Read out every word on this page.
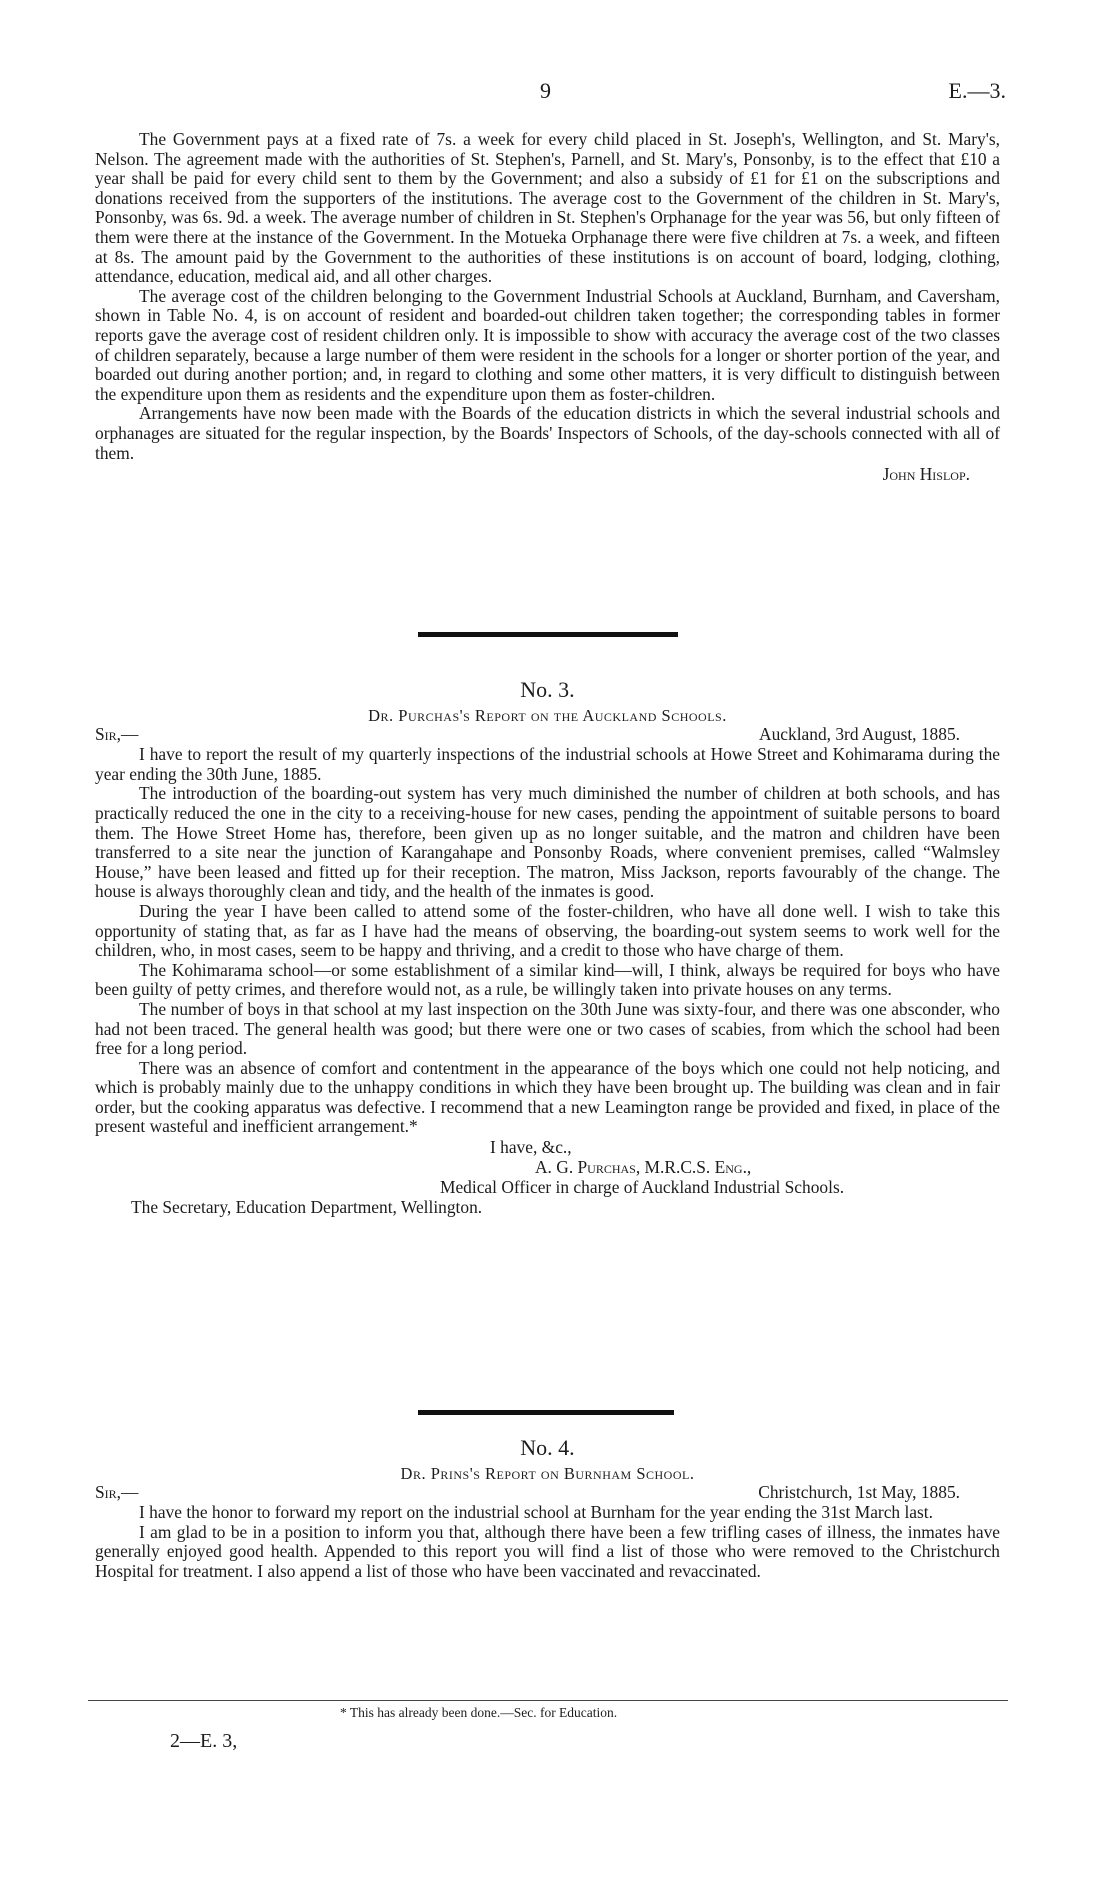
9	E.—3.

The Government pays at a fixed rate of 7s. a week for every child placed in St. Joseph's, Wellington, and St. Mary's, Nelson. The agreement made with the authorities of St. Stephen's, Parnell, and St. Mary's, Ponsonby, is to the effect that £10 a year shall be paid for every child sent to them by the Government; and also a subsidy of £1 for £1 on the subscriptions and donations received from the supporters of the institutions. The average cost to the Government of the children in St. Mary's, Ponsonby, was 6s. 9d. a week. The average number of children in St. Stephen's Orphanage for the year was 56, but only fifteen of them were there at the instance of the Government. In the Motueka Orphanage there were five children at 7s. a week, and fifteen at 8s. The amount paid by the Government to the authorities of these institutions is on account of board, lodging, clothing, attendance, education, medical aid, and all other charges.

The average cost of the children belonging to the Government Industrial Schools at Auckland, Burnham, and Caversham, shown in Table No. 4, is on account of resident and boarded-out children taken together; the corresponding tables in former reports gave the average cost of resident children only. It is impossible to show with accuracy the average cost of the two classes of children separately, because a large number of them were resident in the schools for a longer or shorter portion of the year, and boarded out during another portion; and, in regard to clothing and some other matters, it is very difficult to distinguish between the expenditure upon them as residents and the expenditure upon them as foster-children.

Arrangements have now been made with the Boards of the education districts in which the several industrial schools and orphanages are situated for the regular inspection, by the Boards' Inspectors of Schools, of the day-schools connected with all of them.

John Hislop.
No. 3.
Dr. Purchas's Report on the Auckland Schools.
Sir,—	Auckland, 3rd August, 1885.

I have to report the result of my quarterly inspections of the industrial schools at Howe Street and Kohimarama during the year ending the 30th June, 1885.

The introduction of the boarding-out system has very much diminished the number of children at both schools, and has practically reduced the one in the city to a receiving-house for new cases, pending the appointment of suitable persons to board them. The Howe Street Home has, therefore, been given up as no longer suitable, and the matron and children have been transferred to a site near the junction of Karangahape and Ponsonby Roads, where convenient premises, called “Walmsley House,” have been leased and fitted up for their reception. The matron, Miss Jackson, reports favourably of the change. The house is always thoroughly clean and tidy, and the health of the inmates is good.

During the year I have been called to attend some of the foster-children, who have all done well. I wish to take this opportunity of stating that, as far as I have had the means of observing, the boarding-out system seems to work well for the children, who, in most cases, seem to be happy and thriving, and a credit to those who have charge of them.

The Kohimarama school—or some establishment of a similar kind—will, I think, always be required for boys who have been guilty of petty crimes, and therefore would not, as a rule, be willingly taken into private houses on any terms.

The number of boys in that school at my last inspection on the 30th June was sixty-four, and there was one absconder, who had not been traced. The general health was good; but there were one or two cases of scabies, from which the school had been free for a long period.

There was an absence of comfort and contentment in the appearance of the boys which one could not help noticing, and which is probably mainly due to the unhappy conditions in which they have been brought up. The building was clean and in fair order, but the cooking apparatus was defective. I recommend that a new Leamington range be provided and fixed, in place of the present wasteful and inefficient arrangement.*

I have, &c.,
A. G. Purchas, M.R.C.S. Eng.,
Medical Officer in charge of Auckland Industrial Schools.
The Secretary, Education Department, Wellington.
No. 4.
Dr. Prins's Report on Burnham School.
Sir,—	Christchurch, 1st May, 1885.

I have the honor to forward my report on the industrial school at Burnham for the year ending the 31st March last.

I am glad to be in a position to inform you that, although there have been a few trifling cases of illness, the inmates have generally enjoyed good health. Appended to this report you will find a list of those who were removed to the Christchurch Hospital for treatment. I also append a list of those who have been vaccinated and revaccinated.

* This has already been done.—Sec. for Education.
2—E. 3,
